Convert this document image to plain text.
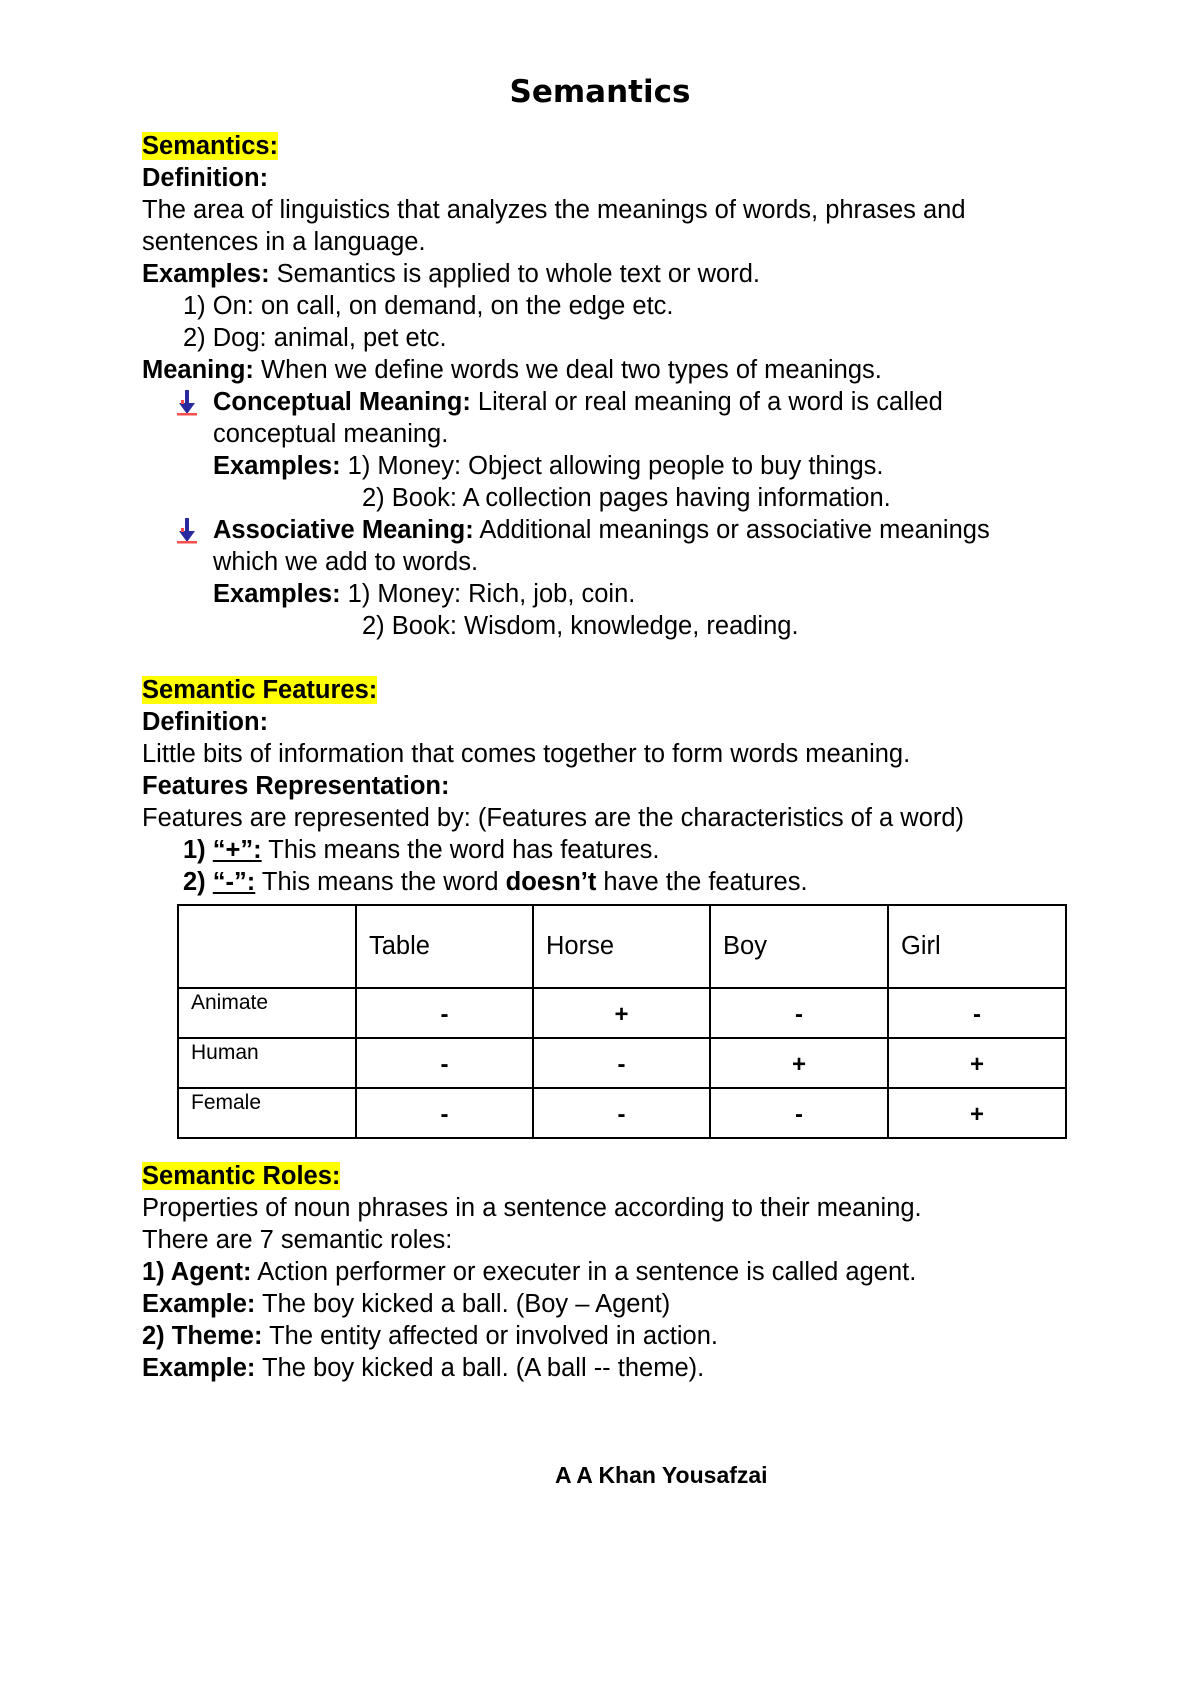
Semantics
Semantics:
Definition:
The area of linguistics that analyzes the meanings of words, phrases and
sentences in a language.
Examples: Semantics is applied to whole text or word.
1) On: on call, on demand, on the edge etc.
2) Dog: animal, pet etc.
Meaning: When we define words we deal two types of meanings.
Conceptual Meaning: Literal or real meaning of a word is called
conceptual meaning.
Examples: 1) Money: Object allowing people to buy things.
2) Book: A collection pages having information.
Associative Meaning: Additional meanings or associative meanings
which we add to words.
Examples: 1) Money: Rich, job, coin.
2) Book: Wisdom, knowledge, reading.
Semantic Features:
Definition:
Little bits of information that comes together to form words meaning.
Features Representation:
Features are represented by: (Features are the characteristics of a word)
1) “+”: This means the word has features.
2) “-”: This means the word doesn’t have the features.
	Table	Horse	Boy	Girl
Animate	-	+	-	-
Human	-	-	+	+
Female	-	-	-	+
Semantic Roles:
Properties of noun phrases in a sentence according to their meaning.
There are 7 semantic roles:
1) Agent: Action performer or executer in a sentence is called agent.
Example: The boy kicked a ball. (Boy – Agent)
2) Theme: The entity affected or involved in action.
Example: The boy kicked a ball. (A ball -- theme).
A A Khan Yousafzai
